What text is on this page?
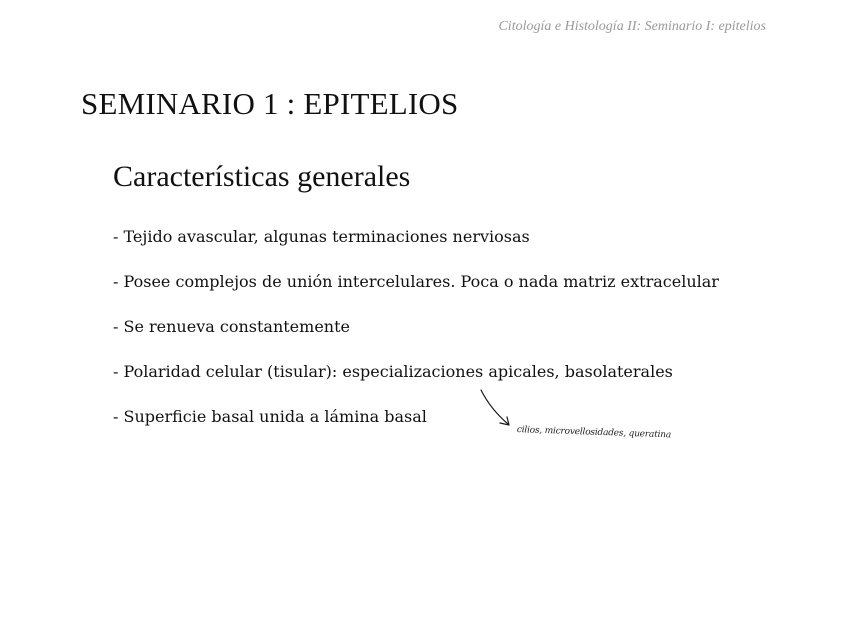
Citología e Histología II: Seminario I: epitelios
SEMINARIO 1 : EPITELIOS
Características generales
- Tejido avascular, algunas terminaciones nerviosas
- Posee complejos de unión intercelulares. Poca o nada matriz extracelular
- Se renueva constantemente
- Polaridad celular (tisular): especializaciones apicales, basolaterales
- Superficie basal unida a lámina basal
cilios, microvellosidades, queratina
